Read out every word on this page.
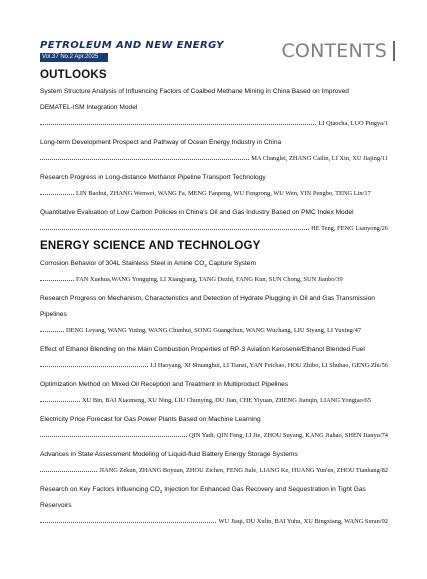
PETROLEUM AND NEW ENERGY
Vol.37 No.2 Apr.2025	CONTENTS
OUTLOOKS
System Structure Analysis of Influencing Factors of Coalbed Methane Mining in China Based on Improved
DEMATEL-ISM Integration Model
LI Qiaocha, LUO Pingya/1
Long-term Development Prospect and Pathway of Ocean Energy Industry in China
MA Changlei, ZHANG Cailin, LI Xin, XU Jiajing/11
Research Progress in Long-distance Methanol Pipeline Transport Technology
LIN Baohui, ZHANG Wenwei, WANG Fa, MENG Fanpeng, WU Fengrong, WU Wen, YIN Pengbo, TENG Lin/17
Quantitative Evaluation of Low Carbon Policies in China's Oil and Gas Industry Based on PMC Index Model
HE Teng, FENG Lianyong/26
ENERGY SCIENCE AND TECHNOLOGY
Corrosion Behavior of 304L Stainless Steel in Amine $CO_2$ Capture System
FAN Xuehua,WANG Yongqing, LI Xiangyang, TANG Dezhi, FANG Kun, SUN Chong, SUN Jianbo/39
Research Progress on Mechanism, Characteristics and Detection of Hydrate Plugging in Oil and Gas Transmission
Pipelines
DENG Leyang, WANG Yuting, WANG Chunhui, SONG Guangchun, WANG Wuchang, LIU Siyang, LI Yuxing/47
Effect of Ethanol Blending on the Main Combustion Properties of RP-3 Aviation Kerosene/Ethanol Blended Fuel
LI Haoyang, XI Shuanghui, LI Tianzi, YAN Feichao, HOU Zhibo, LI Shuhao, GENG Zhi/56
Optimization Method on Mixed Oil Reception and Treatment in Multiproduct Pipelines
XU Bin, BAI Xiaomeng, XU Ning, LIU Chunying, DU Jian, CHE Yiyuan, ZHENG Jianqin, LIANG Yongtao/65
Electricity Price Forecast for Gas Power Plants Based on Machine Learning
QIN Yadi, QIN Feng, LI Jie, ZHOU Suyang, KANG Jiahao, SHEN Jianyu/74
Advances in State Assessment Modeling of Liquid-fluid Battery Energy Storage Systems
JIANG Zekun, ZHANG Boyuan, ZHOU Zichen, FENG Jiale, LIANG Ke, HUANG Yun'en, ZHOU Tianhang/82
Research on Key Factors Influencing $CO_2$ Injection for Enhanced Gas Recovery and Sequestration in Tight Gas
Reservoirs
WU Jiaqi, DU Xulin, BAI Yuhu, XU Bingxiang, WANG Suran/92
